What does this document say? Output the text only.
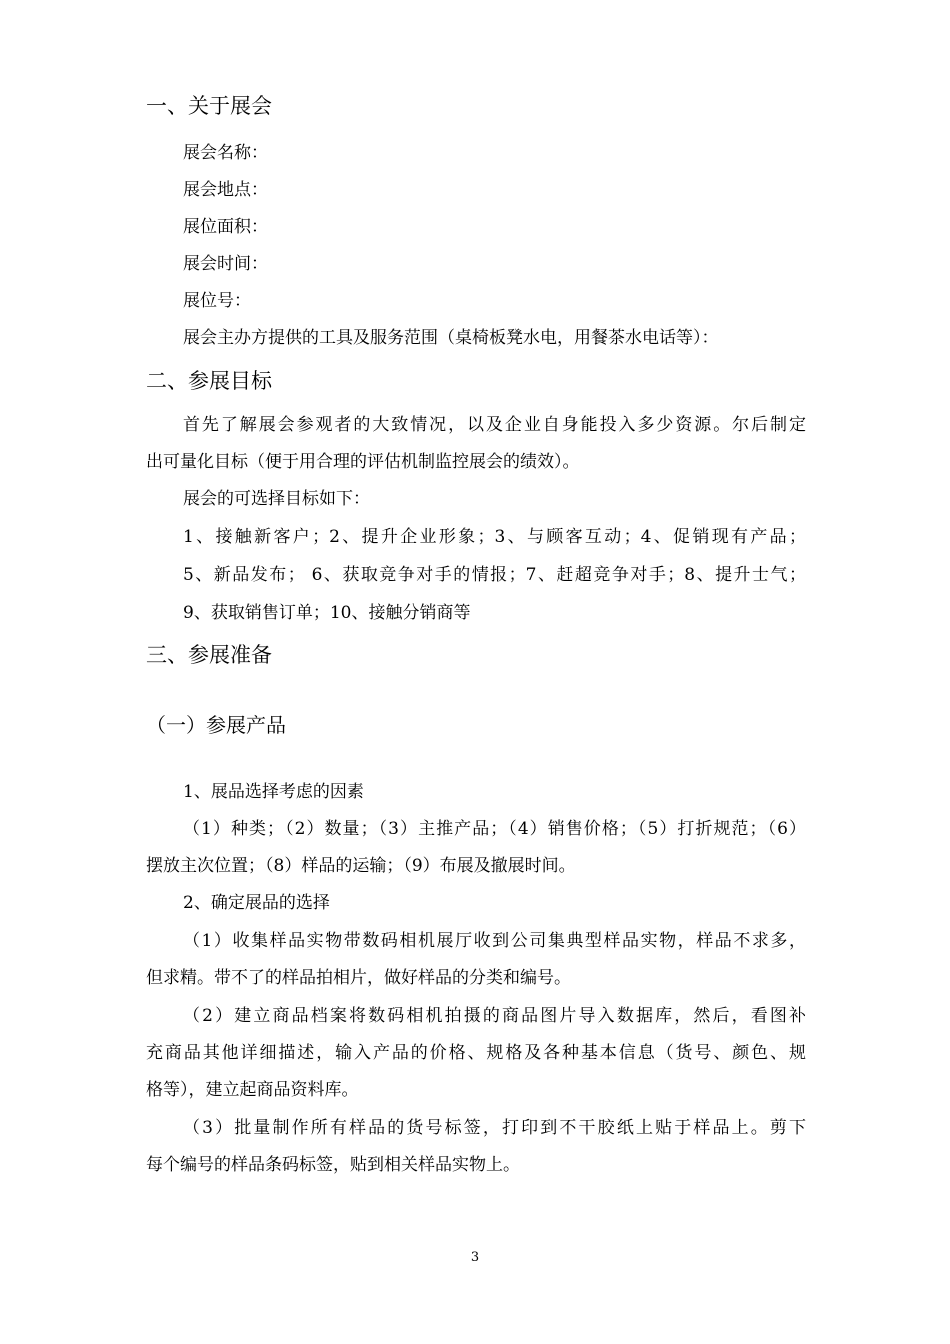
一、关于展会
展会名称：
展会地点：
展位面积：
展会时间：
展位号：
展会主办方提供的工具及服务范围（桌椅板凳水电，用餐茶水电话等）：
二、参展目标
首先了解展会参观者的大致情况，以及企业自身能投入多少资源。尔后制定
出可量化目标（便于用合理的评估机制监控展会的绩效）。
展会的可选择目标如下：
1、接触新客户；2、提升企业形象；3、与顾客互动；4、促销现有产品；
5、新品发布； 6、获取竞争对手的情报；7、赶超竞争对手；8、提升士气；
9、获取销售订单；10、接触分销商等
三、参展准备
（一）参展产品
1、展品选择考虑的因素
（1）种类；（2）数量；（3）主推产品；（4）销售价格；（5）打折规范；（6）
摆放主次位置；（8）样品的运输；（9）布展及撤展时间。
2、确定展品的选择
（1）收集样品实物带数码相机展厅收到公司集典型样品实物，样品不求多，
但求精。带不了的样品拍相片，做好样品的分类和编号。
（2）建立商品档案将数码相机拍摄的商品图片导入数据库，然后，看图补
充商品其他详细描述，输入产品的价格、规格及各种基本信息（货号、颜色、规
格等），建立起商品资料库。
（3）批量制作所有样品的货号标签，打印到不干胶纸上贴于样品上。剪下
每个编号的样品条码标签，贴到相关样品实物上。
3
